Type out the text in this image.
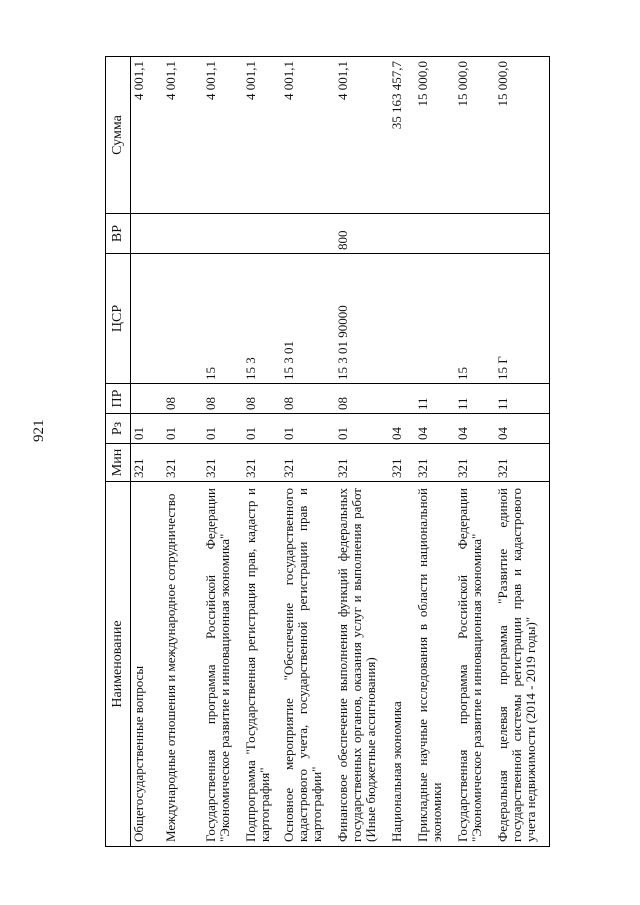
921
Наименование	Мин	Рз	ПР	ЦСР	ВР	Сумма
Общегосударственные вопросы	321	01				4 001,1
Международные отношения и международное сотрудничество	321	01	08			4 001,1
Государственная программа Российской Федерации "Экономическое развитие и инновационная экономика"	321	01	08	15		4 001,1
Подпрограмма "Государственная регистрация прав, кадастр и картография"	321	01	08	15 3		4 001,1
Основное мероприятие "Обеспечение государственного кадастрового учета, государственной регистрации прав и картографии"	321	01	08	15 3 01		4 001,1
Финансовое обеспечение выполнения функций федеральных государственных органов, оказания услуг и выполнения работ (Иные бюджетные ассигнования)	321	01	08	15 3 01 90000	800	4 001,1
Национальная экономика	321	04				35 163 457,7
Прикладные научные исследования в области национальной экономики	321	04	11			15 000,0
Государственная программа Российской Федерации "Экономическое развитие и инновационная экономика"	321	04	11	15		15 000,0
Федеральная целевая программа "Развитие единой государственной системы регистрации прав и кадастрового учета недвижимости (2014 - 2019 годы)"	321	04	11	15 Г		15 000,0
